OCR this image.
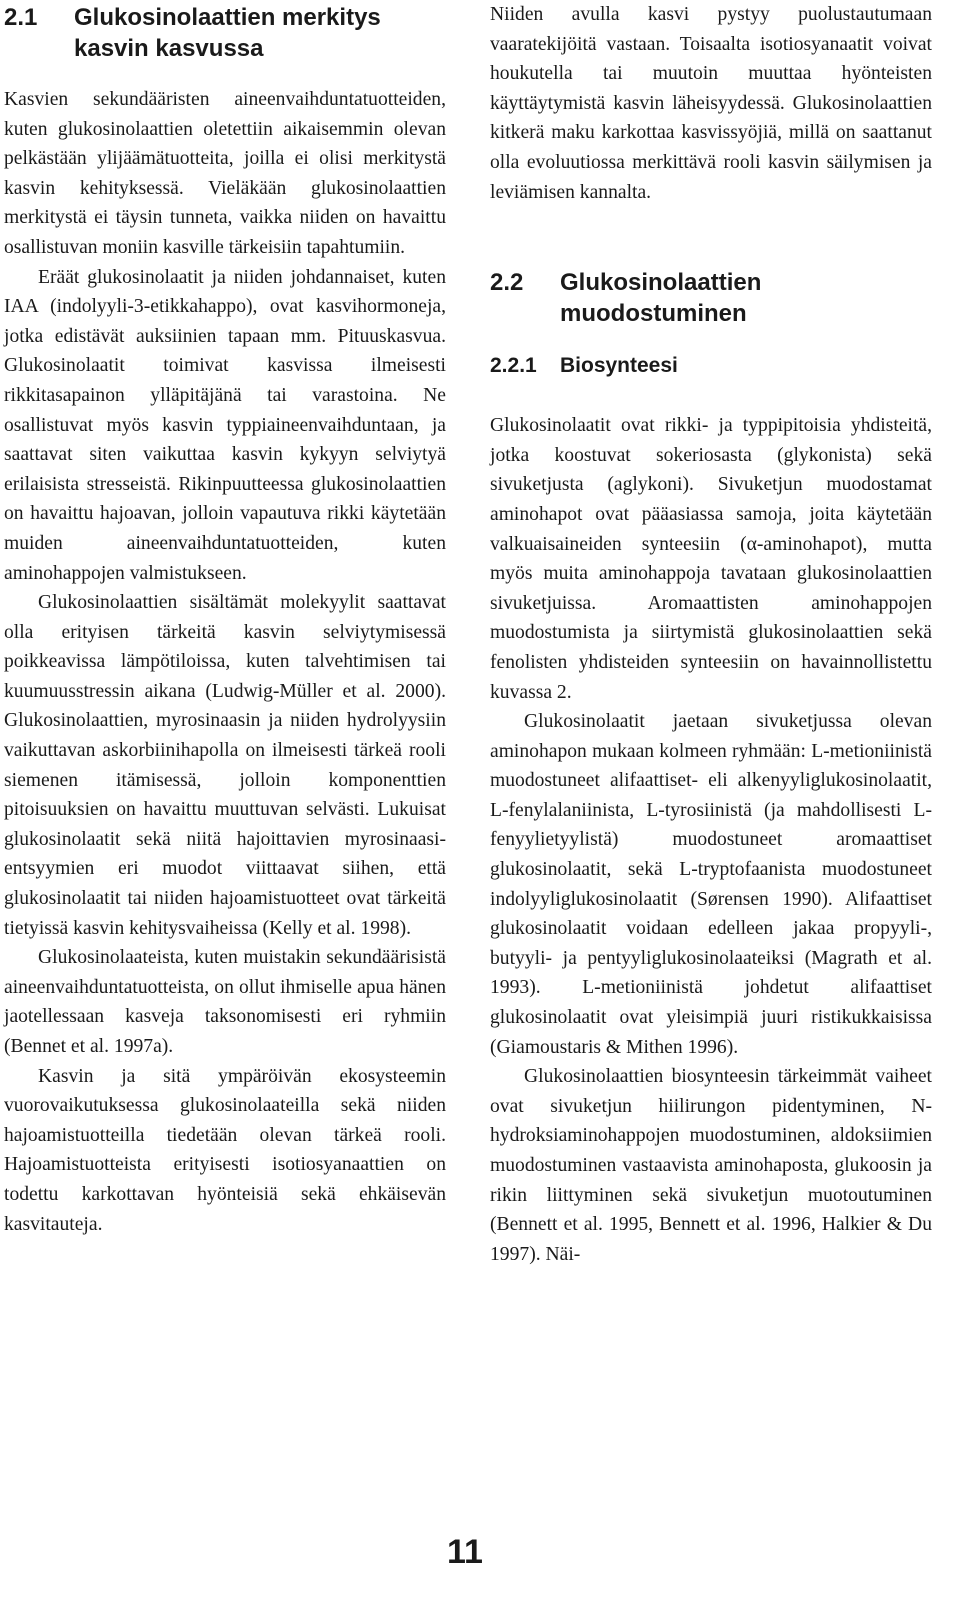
2.1	Glukosinolaattien merkitys kasvin kasvussa

Kasvien sekundääristen aineenvaihduntatuotteiden, kuten glukosinolaattien oletettiin aikaisemmin olevan pelkästään ylijäämätuotteita, joilla ei olisi merkitystä kasvin kehityksessä. Vieläkään glukosinolaattien merkitystä ei täysin tunneta, vaikka niiden on havaittu osallistuvan moniin kasville tärkeisiin tapahtumiin.

Eräät glukosinolaatit ja niiden johdannaiset, kuten IAA (indolyyli-3-etikkahappo), ovat kasvihormoneja, jotka edistävät auksiinien tapaan mm. Pituuskasvua. Glukosinolaatit toimivat kasvissa ilmeisesti rikkitasapainon ylläpitäjänä tai varastoina. Ne osallistuvat myös kasvin typpiaineenvaihduntaan, ja saattavat siten vaikuttaa kasvin kykyyn selviytyä erilaisista stresseistä. Rikinpuutteessa glukosinolaattien on havaittu hajoavan, jolloin vapautuva rikki käytetään muiden aineenvaihduntatuotteiden, kuten aminohappojen valmistukseen.

Glukosinolaattien sisältämät molekyylit saattavat olla erityisen tärkeitä kasvin selviytymisessä poikkeavissa lämpötiloissa, kuten talvehtimisen tai kuumuusstressin aikana (Ludwig-Müller et al. 2000). Glukosinolaattien, myrosinaasin ja niiden hydrolyysiin vaikuttavan askorbiinihapolla on ilmeisesti tärkeä rooli siemenen itämisessä, jolloin komponenttien pitoisuuksien on havaittu muuttuvan selvästi. Lukuisat glukosinolaatit sekä niitä hajoittavien myrosinaasi-entsyymien eri muodot viittaavat siihen, että glukosinolaatit tai niiden hajoamistuotteet ovat tärkeitä tietyissä kasvin kehitysvaiheissa (Kelly et al. 1998).

Glukosinolaateista, kuten muistakin sekundäärisistä aineenvaihduntatuotteista, on ollut ihmiselle apua hänen jaotellessaan kasveja taksonomisesti eri ryhmiin (Bennet et al. 1997a).

Kasvin ja sitä ympäröivän ekosysteemin vuorovaikutuksessa glukosinolaateilla sekä niiden hajoamistuotteilla tiedetään olevan tärkeä rooli. Hajoamistuotteista erityisesti isotiosyanaattien on todettu karkottavan hyönteisiä sekä ehkäisevän kasvitauteja.

Niiden avulla kasvi pystyy puolustautumaan vaaratekijöitä vastaan. Toisaalta isotiosyanaatit voivat houkutella tai muutoin muuttaa hyönteisten käyttäytymistä kasvin läheisyydessä. Glukosinolaattien kitkerä maku karkottaa kasvissyöjiä, millä on saattanut olla evoluutiossa merkittävä rooli kasvin säilymisen ja leviämisen kannalta.

2.2	Glukosinolaattien muodostuminen
2.2.1	Biosynteesi

Glukosinolaatit ovat rikki- ja typpipitoisia yhdisteitä, jotka koostuvat sokeriosasta (glykonista) sekä sivuketjusta (aglykoni). Sivuketjun muodostamat aminohapot ovat pääasiassa samoja, joita käytetään valkuaisaineiden synteesiin (α-aminohapot), mutta myös muita aminohappoja tavataan glukosinolaattien sivuketjuissa. Aromaattisten aminohappojen muodostumista ja siirtymistä glukosinolaattien sekä fenolisten yhdisteiden synteesiin on havainnollistettu kuvassa 2.

Glukosinolaatit jaetaan sivuketjussa olevan aminohapon mukaan kolmeen ryhmään: L-metioniinistä muodostuneet alifaattiset- eli alkenyyliglukosinolaatit, L-fenylalaniinista, L-tyrosiinistä (ja mahdollisesti L-fenyylietyylistä) muodostuneet aromaattiset glukosinolaatit, sekä L-tryptofaanista muodostuneet indolyyliglukosinolaatit (Sørensen 1990). Alifaattiset glukosinolaatit voidaan edelleen jakaa propyyli-, butyyli- ja pentyyliglukosinolaateiksi (Magrath et al. 1993). L-metioniinistä johdetut alifaattiset glukosinolaatit ovat yleisimpiä juuri ristikukkaisissa (Giamoustaris & Mithen 1996).

Glukosinolaattien biosynteesin tärkeimmät vaiheet ovat sivuketjun hiilirungon pidentyminen, N-hydroksiaminohappojen muodostuminen, aldoksiimien muodostuminen vastaavista aminohaposta, glukoosin ja rikin liittyminen sekä sivuketjun muotoutuminen (Bennett et al. 1995, Bennett et al. 1996, Halkier & Du 1997). Näi-

11
